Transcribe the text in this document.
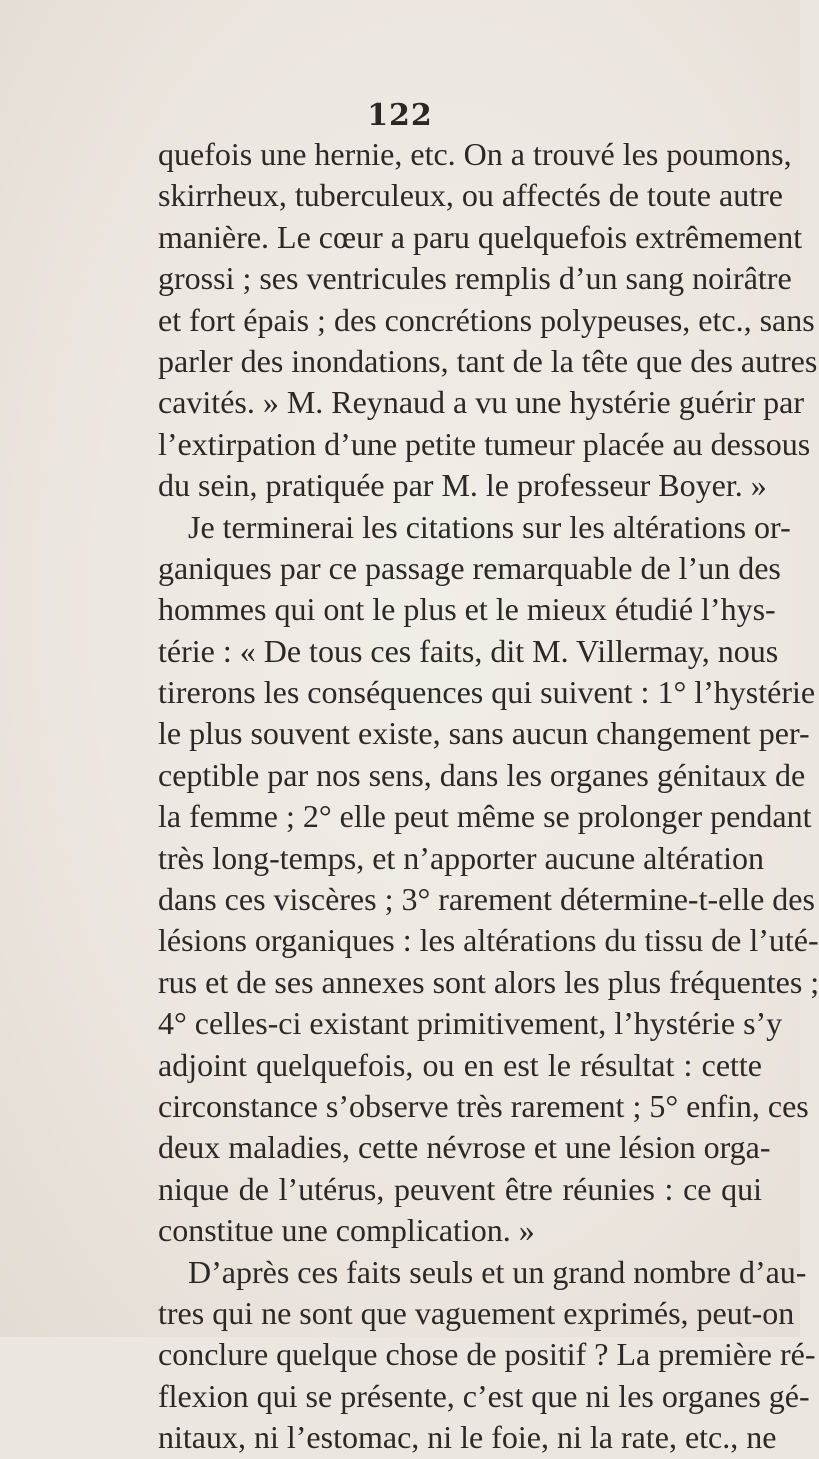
122
quefois une hernie, etc. On a trouvé les poumons,
skirrheux, tuberculeux, ou affectés de toute autre
manière. Le cœur a paru quelquefois extrêmement
grossi ; ses ventricules remplis d’un sang noirâtre
et fort épais ; des concrétions polypeuses, etc., sans
parler des inondations, tant de la tête que des autres
cavités. » M. Reynaud a vu une hystérie guérir par
l’extirpation d’une petite tumeur placée au dessous
du sein, pratiquée par M. le professeur Boyer. »
Je terminerai les citations sur les altérations or-
ganiques par ce passage remarquable de l’un des
hommes qui ont le plus et le mieux étudié l’hys-
térie : « De tous ces faits, dit M. Villermay, nous
tirerons les conséquences qui suivent : 1° l’hystérie
le plus souvent existe, sans aucun changement per-
ceptible par nos sens, dans les organes génitaux de
la femme ; 2° elle peut même se prolonger pendant
très long-temps, et n’apporter aucune altération
dans ces viscères ; 3° rarement détermine-t-elle des
lésions organiques : les altérations du tissu de l’uté-
rus et de ses annexes sont alors les plus fréquentes ;
4° celles-ci existant primitivement, l’hystérie s’y
adjoint quelquefois, ou en est le résultat : cette
circonstance s’observe très rarement ; 5° enfin, ces
deux maladies, cette névrose et une lésion orga-
nique de l’utérus, peuvent être réunies : ce qui
constitue une complication. »
D’après ces faits seuls et un grand nombre d’au-
tres qui ne sont que vaguement exprimés, peut-on
conclure quelque chose de positif ? La première ré-
flexion qui se présente, c’est que ni les organes gé-
nitaux, ni l’estomac, ni le foie, ni la rate, etc., ne
